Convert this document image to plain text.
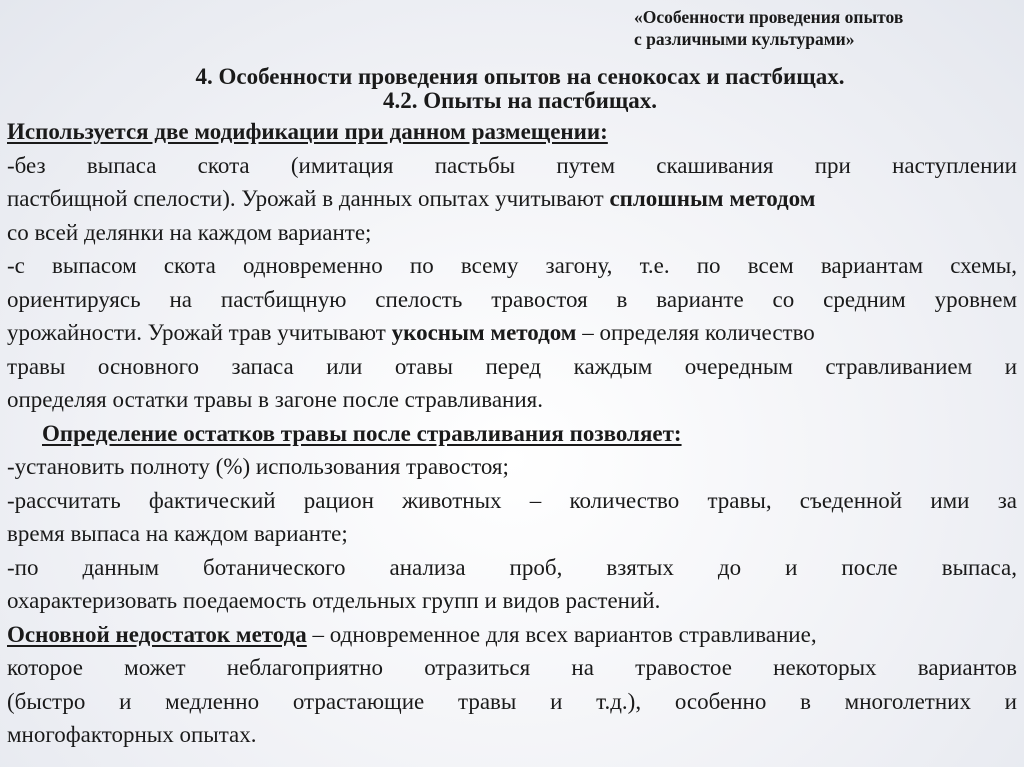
«Особенности проведения опытов
с различными культурами»
4. Особенности проведения опытов на сенокосах и пастбищах.
4.2. Опыты на пастбищах.
Используется две модификации при данном размещении:
-без выпаса скота (имитация пастьбы путем скашивания при наступлении
пастбищной спелости). Урожай в данных опытах учитывают сплошным методом
со всей делянки на каждом варианте;
-с выпасом скота одновременно по всему загону, т.е. по всем вариантам схемы,
ориентируясь на пастбищную спелость травостоя в варианте со средним уровнем
урожайности. Урожай трав учитывают укосным методом – определяя количество
травы основного запаса или отавы перед каждым очередным стравливанием и
определяя остатки травы в загоне после стравливания.
Определение остатков травы после стравливания позволяет:
-установить полноту (%) использования травостоя;
-рассчитать фактический рацион животных – количество травы, съеденной ими за
время выпаса на каждом варианте;
-по данным ботанического анализа проб, взятых до и после выпаса,
охарактеризовать поедаемость отдельных групп и видов растений.
Основной недостаток метода – одновременное для всех вариантов стравливание,
которое может неблагоприятно отразиться на травостое некоторых вариантов
(быстро и медленно отрастающие травы и т.д.), особенно в многолетних и
многофакторных опытах.
